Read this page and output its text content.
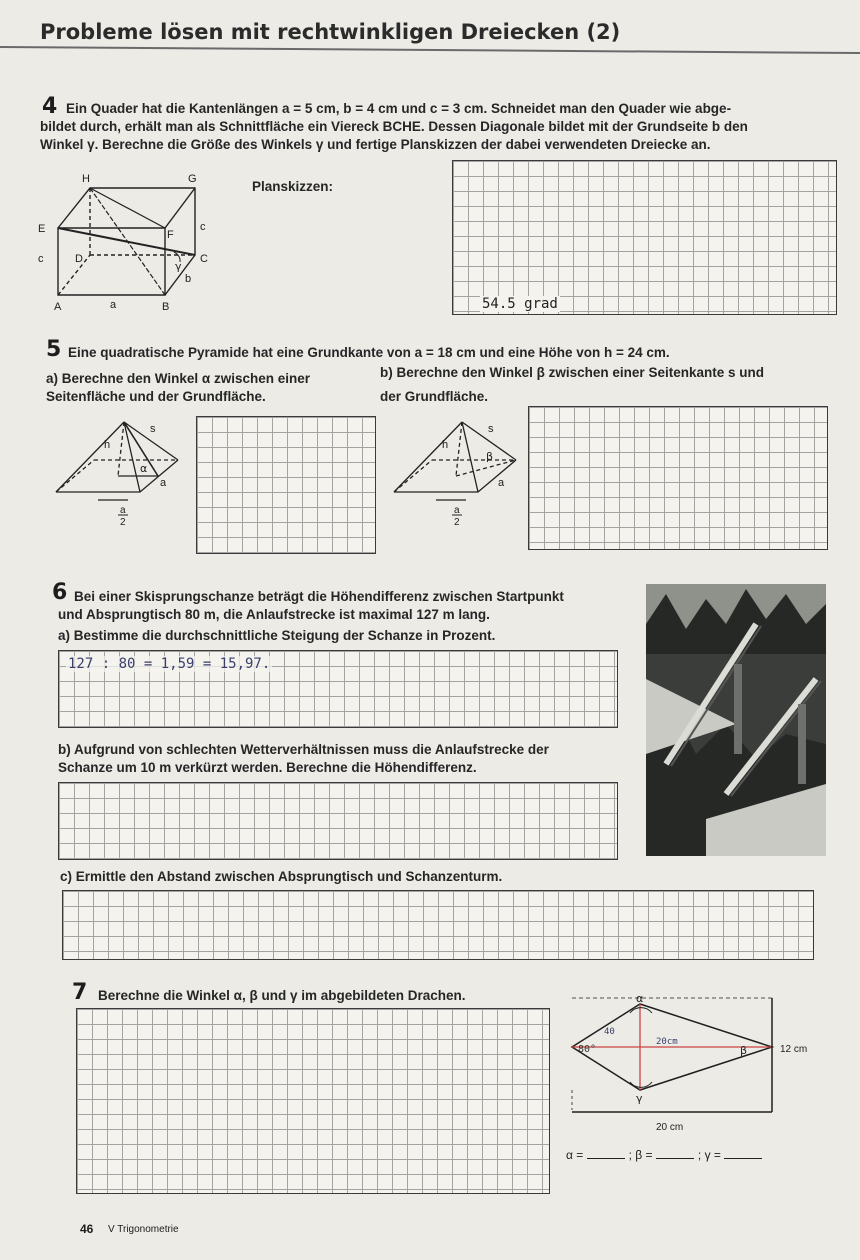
Probleme lösen mit rechtwinkligen Dreiecken (2)
4 Ein Quader hat die Kantenlängen a = 5 cm, b = 4 cm und c = 3 cm. Schneidet man den Quader wie abge-
bildet durch, erhält man als Schnittfläche ein Viereck BCHE. Dessen Diagonale bildet mit der Grundseite b den
Winkel γ. Berechne die Größe des Winkels γ und fertige Planskizzen der dabei verwendeten Dreiecke an.
H	G
E	F
c
c	D	C
γ
b
A	a	B
Planskizzen:
54.5 grad
5 Eine quadratische Pyramide hat eine Grundkante von a = 18 cm und eine Höhe von h = 24 cm.
a) Berechne den Winkel α zwischen einer
Seitenfläche und der Grundfläche.
b) Berechne den Winkel β zwischen einer Seitenkante s und
der Grundfläche.
s
h
α
a
a
2
s
h
β
a
a
2
6 Bei einer Skisprungschanze beträgt die Höhendifferenz zwischen Startpunkt
und Absprungtisch 80 m, die Anlaufstrecke ist maximal 127 m lang.
a) Bestimme die durchschnittliche Steigung der Schanze in Prozent.
127 : 80 = 1,59 = 15,97.
b) Aufgrund von schlechten Wetterverhältnissen muss die Anlaufstrecke der
Schanze um 10 m verkürzt werden. Berechne die Höhendifferenz.
c) Ermittle den Abstand zwischen Absprungtisch und Schanzenturm.
7 Berechne die Winkel α, β und γ im abgebildeten Drachen.	α
80°
40
20cm
β	12 cm
γ
20 cm
α =	; β =	; γ =
46 V Trigonometrie
